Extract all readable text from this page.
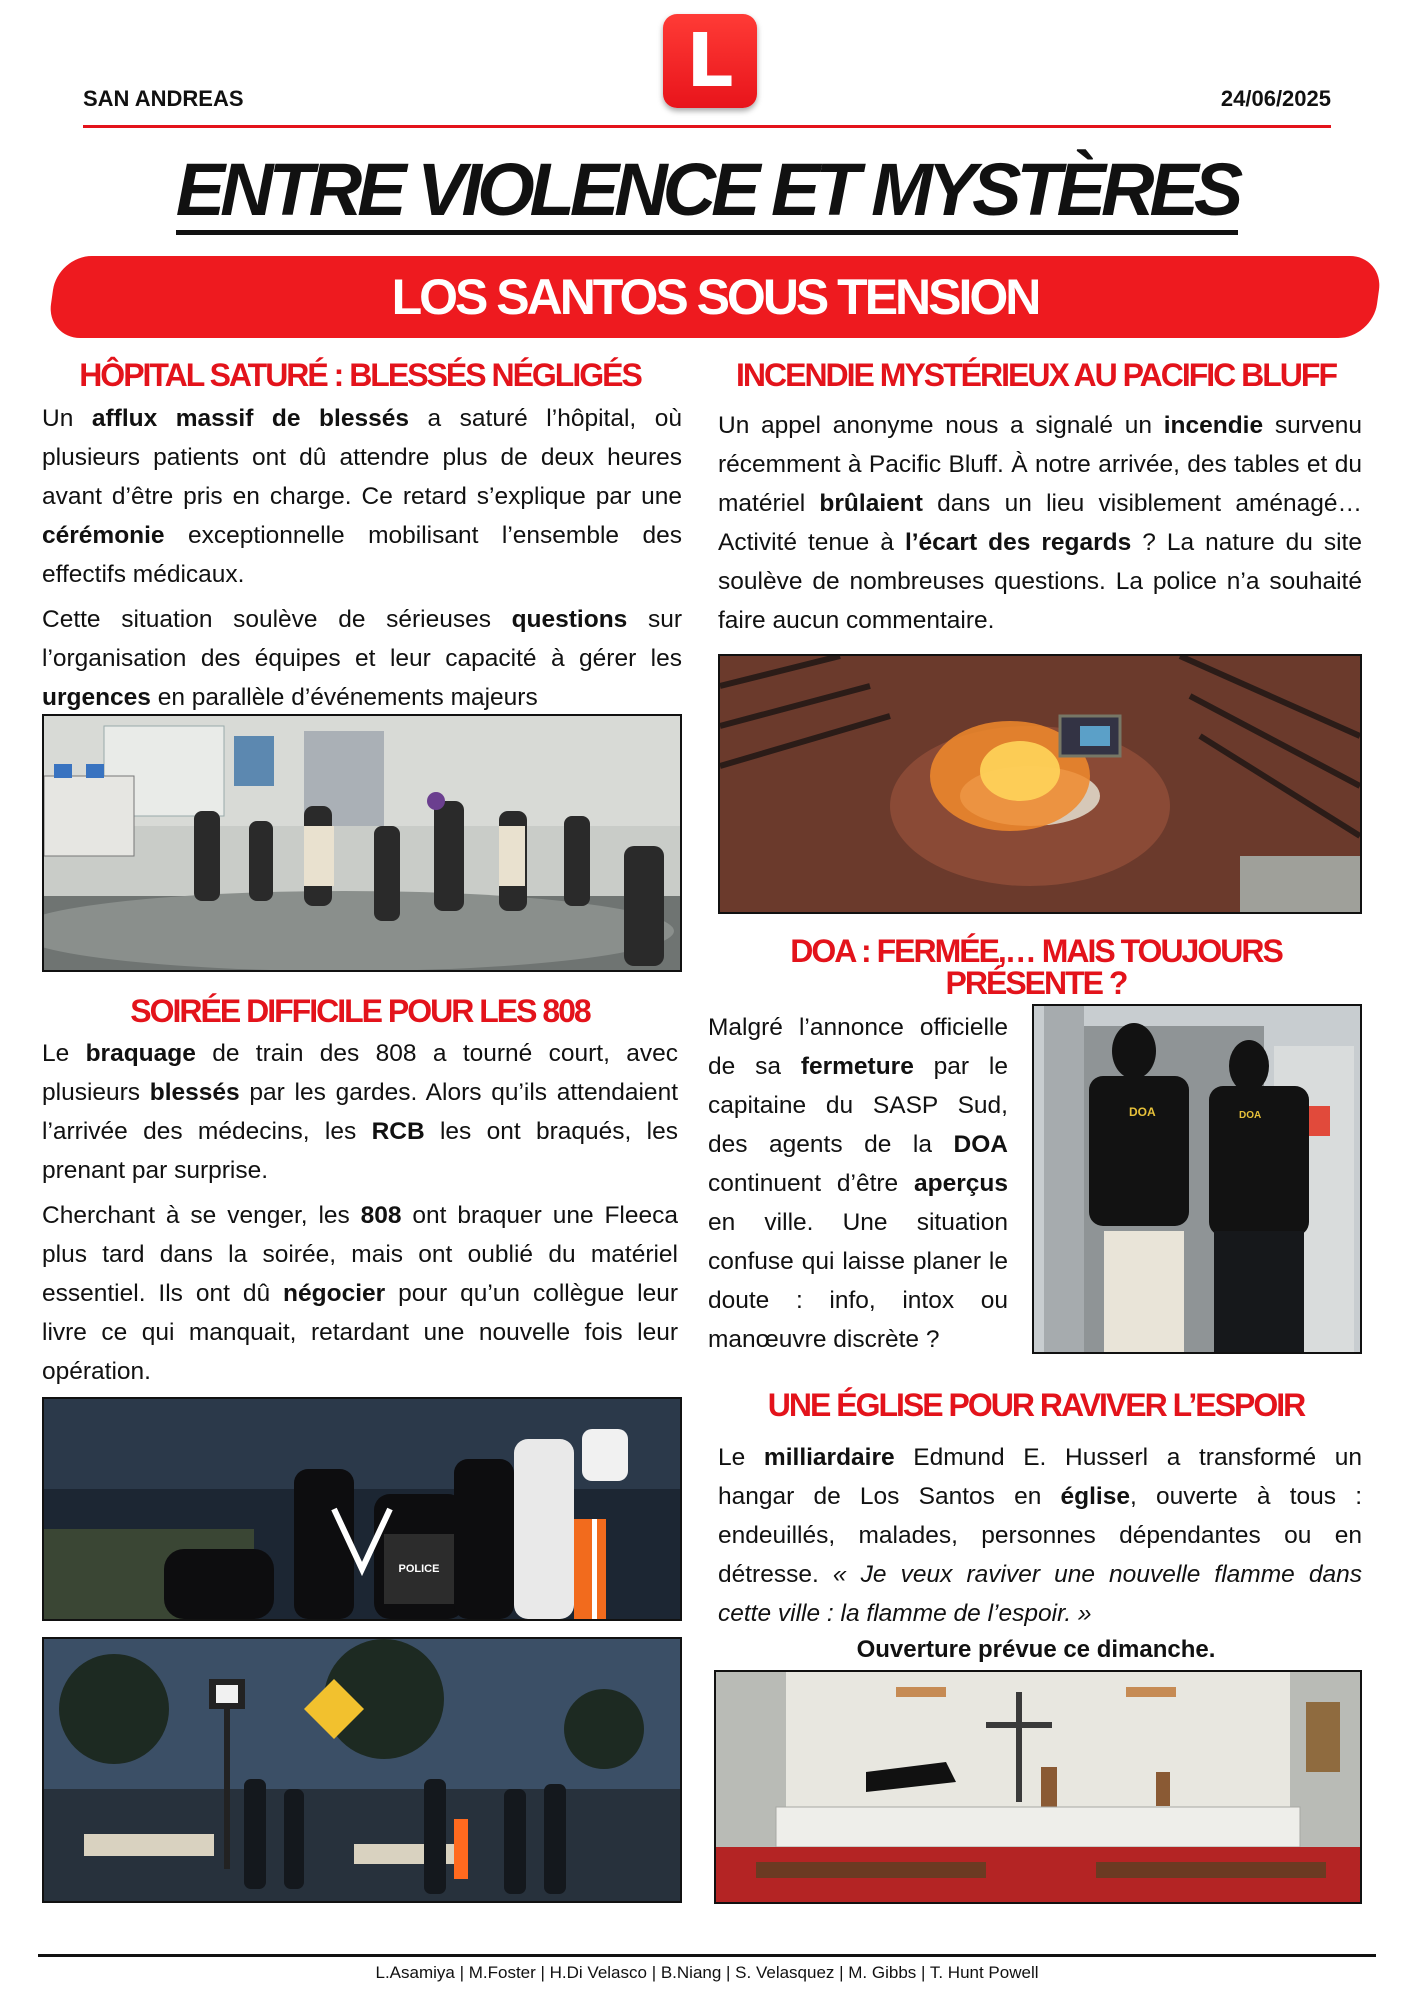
L
SAN ANDREAS	24/06/2025
ENTRE VIOLENCE ET MYSTÈRES
LOS SANTOS SOUS TENSION
HÔPITAL SATURÉ : BLESSÉS NÉGLIGÉS

Un afflux massif de blessés a saturé l’hôpital, où plusieurs patients ont dû attendre plus de deux heures avant d’être pris en charge. Ce retard s’explique par une cérémonie exceptionnelle mobilisant l’ensemble des effectifs médicaux.

Cette situation soulève de sérieuses questions sur l’organisation des équipes et leur capacité à gérer les urgences en parallèle d’événements majeurs

SOIRÉE DIFFICILE POUR LES 808

Le braquage de train des 808 a tourné court, avec plusieurs blessés par les gardes. Alors qu’ils attendaient l’arrivée des médecins, les RCB les ont braqués, les prenant par surprise.

Cherchant à se venger, les 808 ont braquer une Fleeca plus tard dans la soirée, mais ont oublié du matériel essentiel. Ils ont dû négocier pour qu’un collègue leur livre ce qui manquait, retardant une nouvelle fois leur opération.

POLICE
INCENDIE MYSTÉRIEUX AU PACIFIC BLUFF

Un appel anonyme nous a signalé un incendie survenu récemment à Pacific Bluff. À notre arrivée, des tables et du matériel brûlaient dans un lieu visiblement aménagé… Activité tenue à l’écart des regards ? La nature du site soulève de nombreuses questions. La police n’a souhaité faire aucun commentaire.

DOA : FERMÉE,… MAIS TOUJOURS
PRÉSENTE ?

Malgré l’annonce officielle de sa fermeture par le capitaine du SASP Sud, des agents de la DOA continuent d’être aperçus en ville. Une situation confuse qui laisse planer le doute : info, intox ou manœuvre discrète ?

DOA	DOA
UNE ÉGLISE POUR RAVIVER L’ESPOIR

Le milliardaire Edmund E. Husserl a transformé un hangar de Los Santos en église, ouverte à tous : endeuillés, malades, personnes dépendantes ou en détresse. « Je veux raviver une nouvelle flamme dans cette ville : la flamme de l’espoir. »

Ouverture prévue ce dimanche.
L.Asamiya | M.Foster | H.Di Velasco | B.Niang | S. Velasquez | M. Gibbs | T. Hunt Powell
